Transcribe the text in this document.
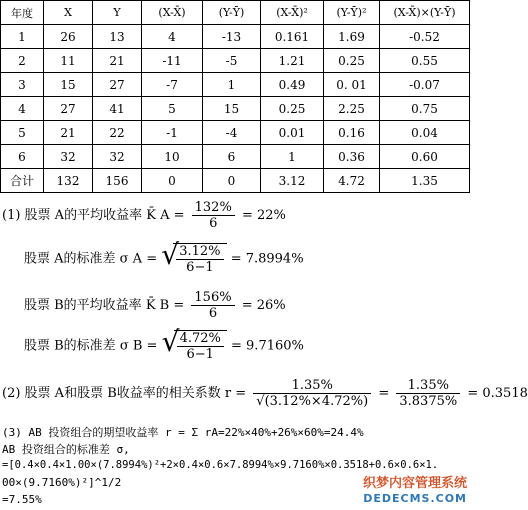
年度	X	Y	(X-X̄)	(Y-Ȳ)	(X-X̄)²	(Y-Ȳ)²	(X-X̄)×(Y-Ȳ)
1	26	13	4	-13	0.161	1.69	-0.52
2	11	21	-11	-5	1.21	0.25	0.55
3	15	27	-7	1	0.49	0. 01	-0.07
4	27	41	5	15	0.25	2.25	0.75
5	21	22	-1	-4	0.01	0.16	0.04
6	32	32	10	6	1	0.36	0.60
合计	132	156	0	0	3.12	4.72	1.35
(1) 股票 A的平均收益率 K̄ $A = \frac{132\%}{6} = 22\%$
股票 A的标准差 σ A = √
$\frac{3.12\%}{6-1} = 7.8994\%$
股票 B的平均收益率 K̄ $B = \frac{156\%}{6} = 26\%$
股票 B的标准差 σ B = √
$\frac{4.72\%}{6-1} = 9.7160\%$
(2) 股票 A和股票 B收益率的相关系数 $r = \frac{1.35\%}{√(3.12\%\times 4.72\%)} = \frac{1.35\%}{3.8375\%} = 0.3518$
(3) AB 投资组合的期望收益率 r = Σ rA=22%×40%+26%×60%=24.4%
AB 投资组合的标准差 σ,
=[0.4×0.4×1.00×(7.8994%)²+2×0.4×0.6×7.8994%×9.7160%×0.3518+0.6×0.6×1.
00×(9.7160%)²]^1/2
=7.55%
织梦内容管理系统
DEDECMS.COM
